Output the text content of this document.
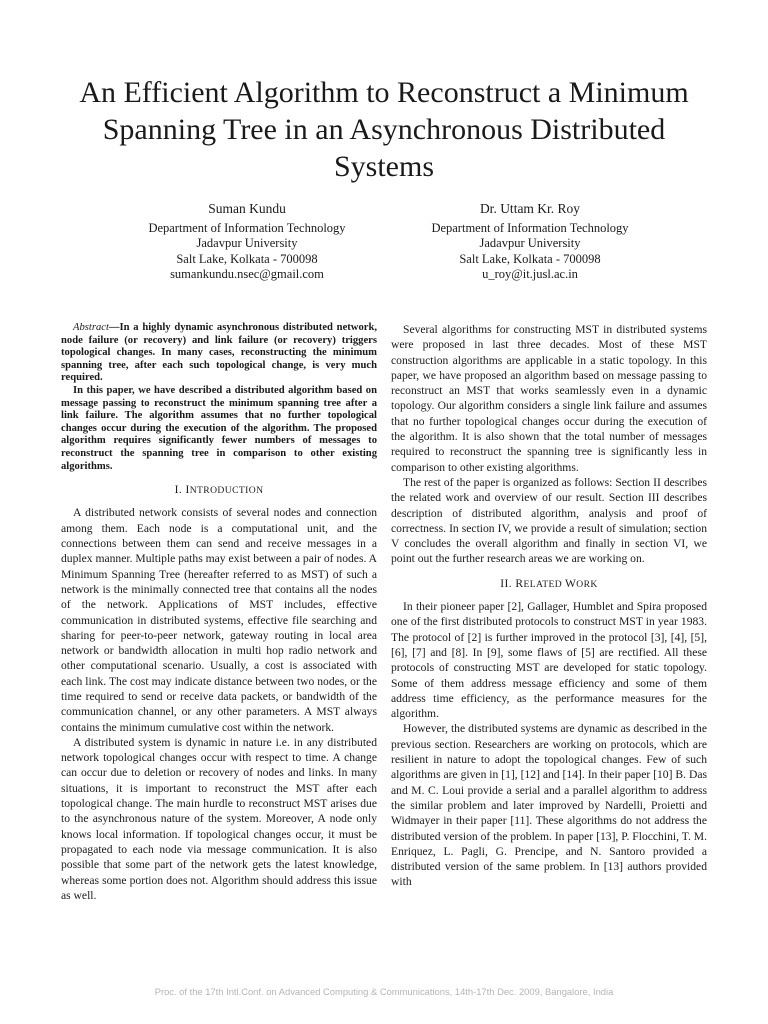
An Efficient Algorithm to Reconstruct a Minimum
Spanning Tree in an Asynchronous Distributed
Systems
Suman Kundu
Department of Information Technology
Jadavpur University
Salt Lake, Kolkata - 700098
sumankundu.nsec@gmail.com
Dr. Uttam Kr. Roy
Department of Information Technology
Jadavpur University
Salt Lake, Kolkata - 700098
u_roy@it.jusl.ac.in

Abstract—In a highly dynamic asynchronous distributed network, node failure (or recovery) and link failure (or recovery) triggers topological changes. In many cases, reconstructing the minimum spanning tree, after each such topological change, is very much required.

In this paper, we have described a distributed algorithm based on message passing to reconstruct the minimum spanning tree after a link failure. The algorithm assumes that no further topological changes occur during the execution of the algorithm. The proposed algorithm requires significantly fewer numbers of messages to reconstruct the spanning tree in comparison to other existing algorithms.

I. INTRODUCTION

A distributed network consists of several nodes and connection among them. Each node is a computational unit, and the connections between them can send and receive messages in a duplex manner. Multiple paths may exist between a pair of nodes. A Minimum Spanning Tree (hereafter referred to as MST) of such a network is the minimally connected tree that contains all the nodes of the network. Applications of MST includes, effective communication in distributed systems, effective file searching and sharing for peer-to-peer network, gateway routing in local area network or bandwidth allocation in multi hop radio network and other computational scenario. Usually, a cost is associated with each link. The cost may indicate distance between two nodes, or the time required to send or receive data packets, or bandwidth of the communication channel, or any other parameters. A MST always contains the minimum cumulative cost within the network.

A distributed system is dynamic in nature i.e. in any distributed network topological changes occur with respect to time. A change can occur due to deletion or recovery of nodes and links. In many situations, it is important to reconstruct the MST after each topological change. The main hurdle to reconstruct MST arises due to the asynchronous nature of the system. Moreover, A node only knows local information. If topological changes occur, it must be propagated to each node via message communication. It is also possible that some part of the network gets the latest knowledge, whereas some portion does not. Algorithm should address this issue as well.

Several algorithms for constructing MST in distributed systems were proposed in last three decades. Most of these MST construction algorithms are applicable in a static topology. In this paper, we have proposed an algorithm based on message passing to reconstruct an MST that works seamlessly even in a dynamic topology. Our algorithm considers a single link failure and assumes that no further topological changes occur during the execution of the algorithm. It is also shown that the total number of messages required to reconstruct the spanning tree is significantly less in comparison to other existing algorithms.

The rest of the paper is organized as follows: Section II describes the related work and overview of our result. Section III describes description of distributed algorithm, analysis and proof of correctness. In section IV, we provide a result of simulation; section V concludes the overall algorithm and finally in section VI, we point out the further research areas we are working on.

II. RELATED WORK

In their pioneer paper [2], Gallager, Humblet and Spira proposed one of the first distributed protocols to construct MST in year 1983. The protocol of [2] is further improved in the protocol [3], [4], [5], [6], [7] and [8]. In [9], some flaws of [5] are rectified. All these protocols of constructing MST are developed for static topology. Some of them address message efficiency and some of them address time efficiency, as the performance measures for the algorithm.

However, the distributed systems are dynamic as described in the previous section. Researchers are working on protocols, which are resilient in nature to adopt the topological changes. Few of such algorithms are given in [1], [12] and [14]. In their paper [10] B. Das and M. C. Loui provide a serial and a parallel algorithm to address the similar problem and later improved by Nardelli, Proietti and Widmayer in their paper [11]. These algorithms do not address the distributed version of the problem. In paper [13], P. Flocchini, T. M. Enriquez, L. Pagli, G. Prencipe, and N. Santoro provided a distributed version of the same problem. In [13] authors provided with

Proc. of the 17th Intl.Conf. on Advanced Computing & Communications, 14th-17th Dec. 2009, Bangalore, India
